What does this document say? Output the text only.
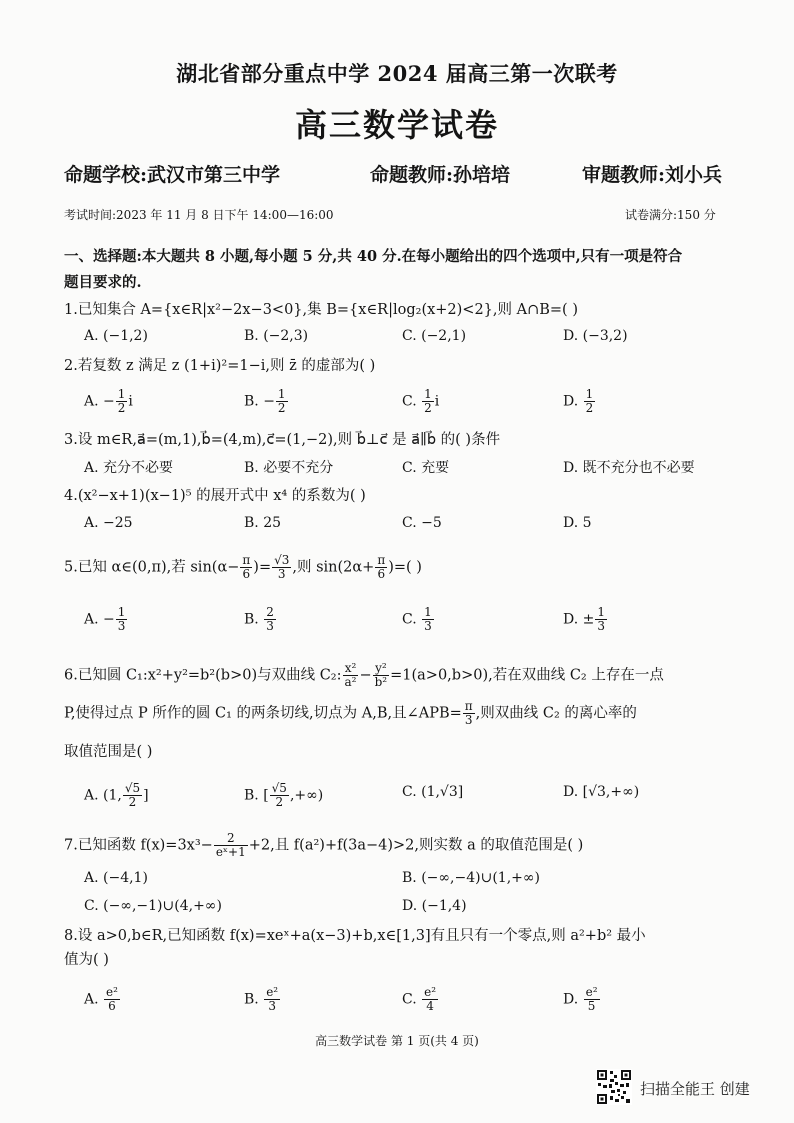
湖北省部分重点中学 2024 届高三第一次联考
高三数学试卷
命题学校:武汉市第三中学	命题教师:孙培培	审题教师:刘小兵
考试时间:2023 年 11 月 8 日下午 14:00—16:00	试卷满分:150 分
一、选择题:本大题共 8 小题,每小题 5 分,共 40 分.在每小题给出的四个选项中,只有一项是符合
题目要求的.
1.已知集合 A={x∈R|x²−2x−3<0},集 B={x∈R|log₂(x+2)<2},则 A∩B=( )
A. (−1,2)	B. (−2,3)	C. (−2,1)	D. (−3,2)
2.若复数 z 满足 z (1+i)²=1−i,则 z̄ 的虚部为( )
A. − $\frac{1}{2}$ i	B. − $\frac{1}{2}$	C. $\frac{1}{2}$ i	D. $\frac{1}{2}$
3.设 m∈R,a⃗=(m,1),b⃗=(4,m),c⃗=(1,−2),则 b⃗⊥c⃗ 是 a⃗∥b⃗ 的( )条件
A. 充分不必要	B. 必要不充分	C. 充要	D. 既不充分也不必要
4.(x²−x+1)(x−1)⁵ 的展开式中 x⁴ 的系数为( )
A. −25	B. 25	C. −5	D. 5
5.已知 α∈(0,π),若 $\sin(\alpha- \frac{\pi}{6}$ )= $\frac{√3}{3}$ ,则 $\sin(2\alpha+ \frac{\pi}{6}$ )=( )
A. − $\frac{1}{3}$	B. $\frac{2}{3}$	C. $\frac{1}{3}$	D. ± $\frac{1}{3}$
6.已知圆 C₁:x²+y²=b²(b>0)与双曲线 C₂: $\frac{\text{x²}}{\text{a²}} - \frac{\text{y²}}{\text{b²}} =1(a>0,b>0)$,若在双曲线 C₂ 上存在一点
P,使得过点 P 所作的圆 C₁ 的两条切线,切点为 A,B,且∠APB= $\frac{\pi}{3}$ ,则双曲线 C₂ 的离心率的
取值范围是( )
A. (1, $\frac{√5}{2}$ ]	B. [ $\frac{√5}{2}$ ,+∞)	C. (1,√3]	D. [√3,+∞)
7.已知函数 $f(x)=3x^3- \frac{2}{\text{eˣ+1}} +2$,且 f(a²)+f(3a−4)>2,则实数 a 的取值范围是( )
A. (−4,1)	B. (−∞,−4)∪(1,+∞)
C. (−∞,−1)∪(4,+∞)	D. (−1,4)
8.设 a>0,b∈R,已知函数 f(x)=xeˣ+a(x−3)+b,x∈[1,3]有且只有一个零点,则 a²+b² 最小
值为( )
A. $\frac{\text{e²}}{6}$	B. $\frac{\text{e²}}{3}$	C. $\frac{\text{e²}}{4}$	D. $\frac{\text{e²}}{5}$
高三数学试卷 第 1 页(共 4 页)
扫描全能王 创建
